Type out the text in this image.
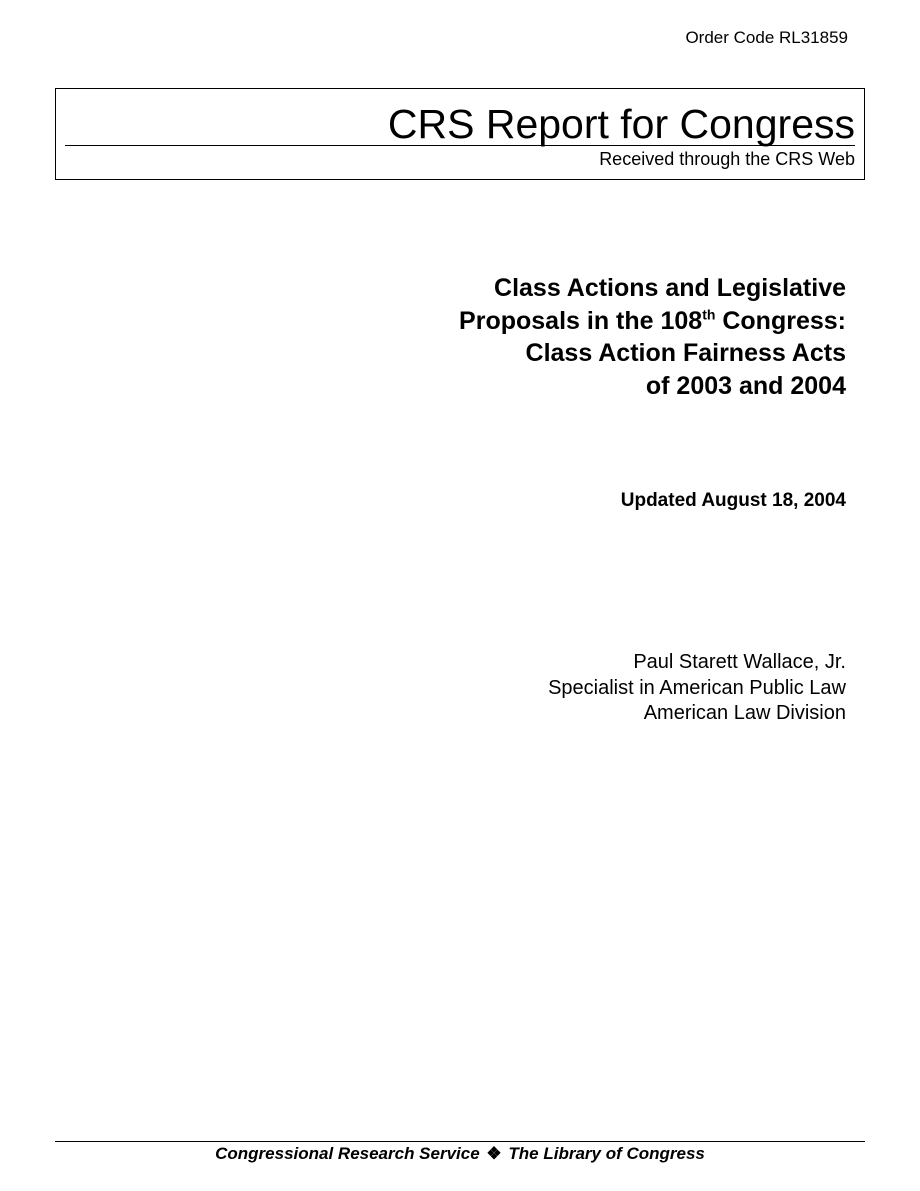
Order Code RL31859
CRS Report for Congress
Received through the CRS Web
Class Actions and Legislative
Proposals in the 108th Congress:
Class Action Fairness Acts
of 2003 and 2004
Updated August 18, 2004
Paul Starett Wallace, Jr.
Specialist in American Public Law
American Law Division
Congressional Research Service ❖ The Library of Congress
